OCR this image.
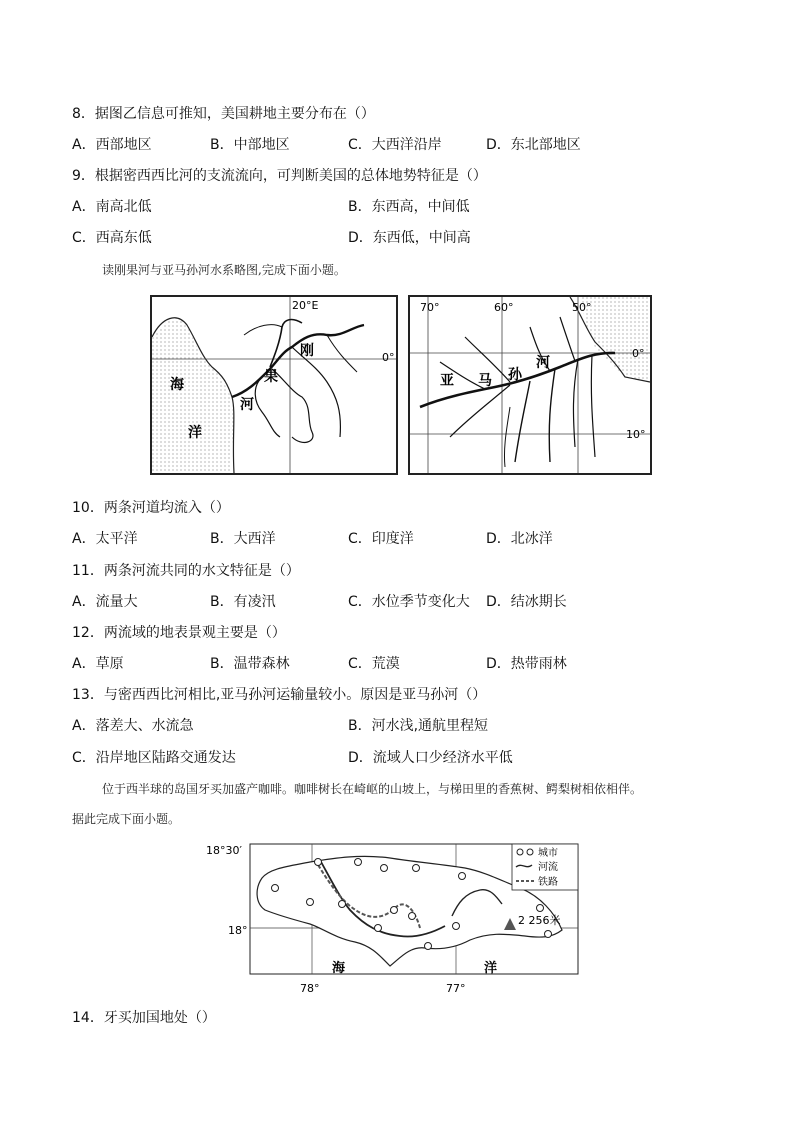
8．据图乙信息可推知，美国耕地主要分布在（）
A．西部地区	B．中部地区	C．大西洋沿岸	D．东北部地区
9．根据密西西比河的支流流向，可判断美国的总体地势特征是（）
A．南高北低	B．东西高，中间低
C．西高东低	D．东西低，中间高
读刚果河与亚马孙河水系略图,完成下面小题。
20°E
0°
刚
果
河
海
洋
70°	60°	50°
0°
10°
亚 马 孙
河
10．两条河道均流入（）
A．太平洋	B．大西洋	C．印度洋	D．北冰洋
11．两条河流共同的水文特征是（）
A．流量大	B．有凌汛	C．水位季节变化大 D．结冰期长
12．两流域的地表景观主要是（）
A．草原	B．温带森林	C．荒漠	D．热带雨林
13．与密西西比河相比,亚马孙河运输量较小。原因是亚马孙河（）
A．落差大、水流急	B．河水浅,通航里程短
C．沿岸地区陆路交通发达	D．流域人口少经济水平低
位于西半球的岛国牙买加盛产咖啡。咖啡树长在崎岖的山坡上，与梯田里的香蕉树、鳄梨树相依相伴。
据此完成下面小题。
2 256米
城市
河流
铁路
18°30′
18°
78°	77°
海	洋
14．牙买加国地处（）
